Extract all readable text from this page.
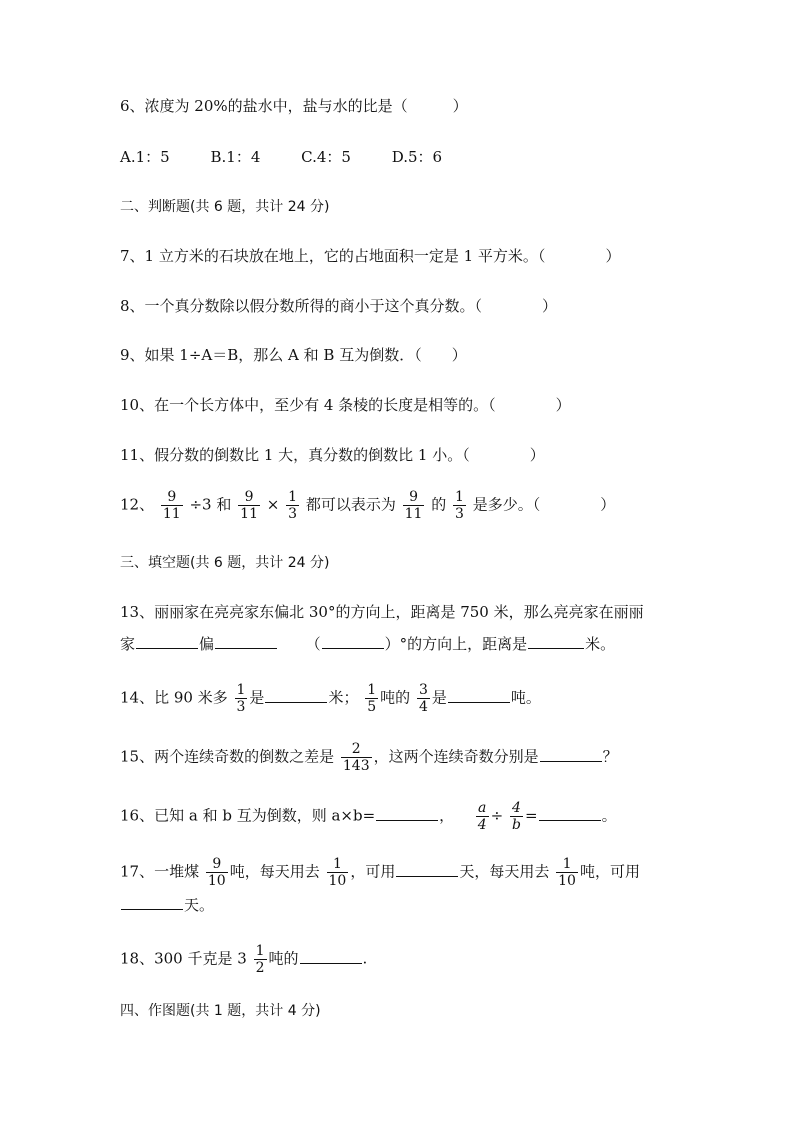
6、浓度为 20%的盐水中，盐与水的比是（　　　）
A.1：5	B.1：4	C.4：5	D.5：6
二、判断题(共 6 题，共计 24 分)
7、1 立方米的石块放在地上，它的占地面积一定是 1 平方米。（　　　　）
8、一个真分数除以假分数所得的商小于这个真分数。（　　　　）
9、如果 1÷A＝B，那么 A 和 B 互为倒数．（　　）
10、在一个长方体中，至少有 4 条棱的长度是相等的。（　　　　）
11、假分数的倒数比 1 大，真分数的倒数比 1 小。（　　　　）
12、 $\frac{9}{11} \div 3$ 和 $\frac{9}{11} \times \frac{1}{3}$ 都可以表示为 $\frac{9}{11}$ 的 $\frac{1}{3}$ 是多少。（　　　　）
三、填空题(共 6 题，共计 24 分)
13、丽丽家在亮亮家东偏北 30°的方向上，距离是 750 米，那么亮亮家在丽丽
家	偏	（	）°的方向上，距离是	米。
14、比 90 米多 $\frac{1}{3}$ 是	米； $\frac{1}{5}$ 吨的 $\frac{3}{4}$ 是	吨。
15、两个连续奇数的倒数之差是 $\frac{2}{143}$ ，这两个连续奇数分别是	？
16、已知 a 和 b 互为倒数，则 a×b=	， $\frac{a}{4} \div \frac{4}{b}$ =	。
17、一堆煤 $\frac{9}{10}$ 吨，每天用去 $\frac{1}{10}$ ，可用	天，每天用去 $\frac{1}{10}$ 吨，可用
天。
18、300 千克是 $3 \frac{1}{2}$ 吨的	.
四、作图题(共 1 题，共计 4 分)
